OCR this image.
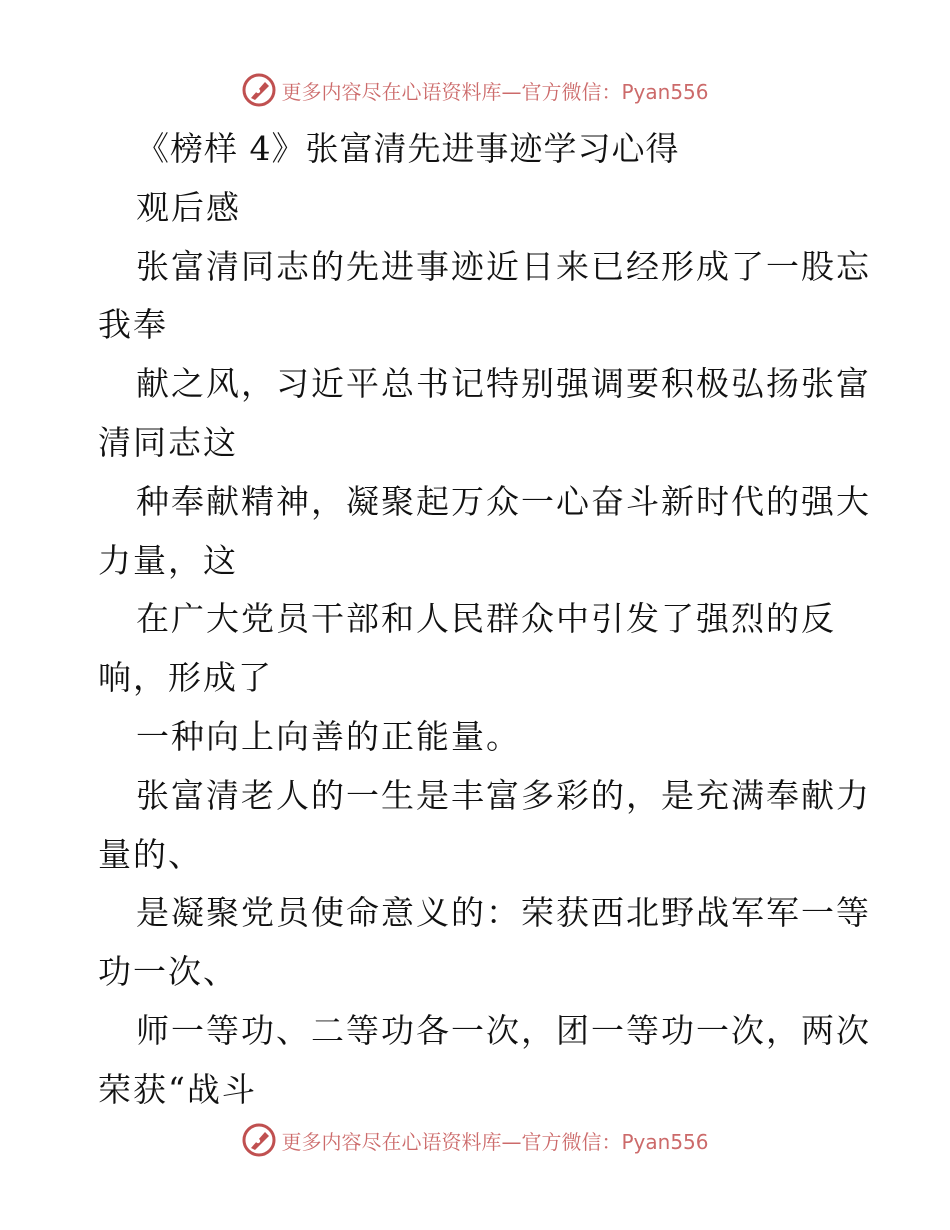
更多内容尽在心语资料库—官方微信：Pyan556
《榜样 4》张富清先进事迹学习心得
观后感
张富清同志的先进事迹近日来已经形成了一股忘
我奉
献之风，习近平总书记特别强调要积极弘扬张富
清同志这
种奉献精神，凝聚起万众一心奋斗新时代的强大
力量，这
在广大党员干部和人民群众中引发了强烈的反
响，形成了
一种向上向善的正能量。
张富清老人的一生是丰富多彩的，是充满奉献力
量的、
是凝聚党员使命意义的：荣获西北野战军军一等
功一次、
师一等功、二等功各一次，团一等功一次，两次
荣获“战斗
更多内容尽在心语资料库—官方微信：Pyan556
